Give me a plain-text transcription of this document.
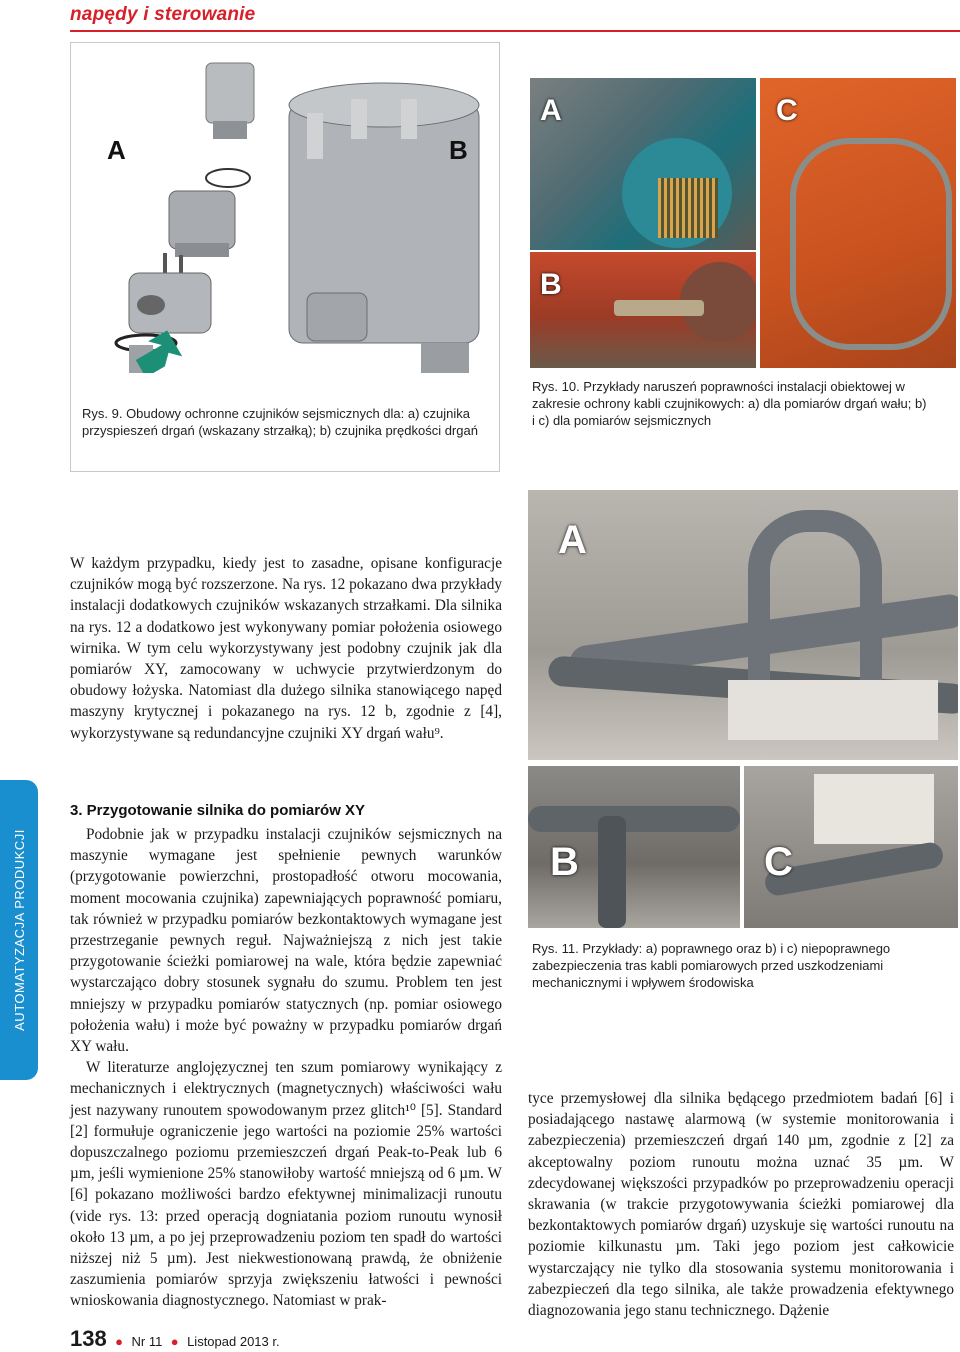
napędy i sterowanie
A	B
Rys. 9. Obudowy ochronne czujników sejsmicznych dla: a) czujnika przyspieszeń drgań (wskazany strzałką); b) czujnika prędkości drgań
A
B
C
Rys. 10. Przykłady naruszeń poprawności instalacji obiektowej w zakresie ochrony kabli czujnikowych: a) dla pomiarów drgań wału; b) i c) dla pomiarów sejsmicznych
A
B	C
Rys. 11. Przykłady: a) poprawnego oraz b) i c) niepoprawnego zabezpieczenia tras kabli pomiarowych przed uszkodzeniami mechanicznymi i wpływem środowiska

W każdym przypadku, kiedy jest to zasadne, opisane konfiguracje czujników mogą być rozszerzone. Na rys. 12 pokazano dwa przykłady instalacji dodatkowych czujników wskazanych strzałkami. Dla silnika na rys. 12 a dodatkowo jest wykonywany pomiar położenia osiowego wirnika. W tym celu wykorzystywany jest podobny czujnik jak dla pomiarów XY, zamocowany w uchwycie przytwierdzonym do obudowy łożyska. Natomiast dla dużego silnika stanowiącego napęd maszyny krytycznej i pokazanego na rys. 12 b, zgodnie z [4], wykorzystywane są redundancyjne czujniki XY drgań wału⁹.

3. Przygotowanie silnika do pomiarów XY

Podobnie jak w przypadku instalacji czujników sejsmicznych na maszynie wymagane jest spełnienie pewnych warunków (przygotowanie powierzchni, prostopadłość otworu mocowania, moment mocowania czujnika) zapewniających poprawność pomiaru, tak również w przypadku pomiarów bezkontaktowych wymagane jest przestrzeganie pewnych reguł. Najważniejszą z nich jest takie przygotowanie ścieżki pomiarowej na wale, która będzie zapewniać wystarczająco dobry stosunek sygnału do szumu. Problem ten jest mniejszy w przypadku pomiarów statycznych (np. pomiar osiowego położenia wału) i może być poważny w przypadku pomiarów drgań XY wału.

W literaturze anglojęzycznej ten szum pomiarowy wynikający z mechanicznych i elektrycznych (magnetycznych) właściwości wału jest nazywany runoutem spowodowanym przez glitch¹⁰ [5]. Standard [2] formułuje ograniczenie jego wartości na poziomie 25% wartości dopuszczalnego poziomu przemieszczeń drgań Peak-to-Peak lub 6 µm, jeśli wymienione 25% stanowiłoby wartość mniejszą od 6 µm. W [6] pokazano możliwości bardzo efektywnej minimalizacji runoutu (vide rys. 13: przed operacją dogniatania poziom runoutu wynosił około 13 µm, a po jej przeprowadzeniu poziom ten spadł do wartości niższej niż 5 µm). Jest niekwestionowaną prawdą, że obniżenie zaszumienia pomiarów sprzyja zwiększeniu łatwości i pewności wnioskowania diagnostycznego. Natomiast w prak-

tyce przemysłowej dla silnika będącego przedmiotem badań [6] i posiadającego nastawę alarmową (w systemie monitorowania i zabezpieczenia) przemieszczeń drgań 140 µm, zgodnie z [2] za akceptowalny poziom runoutu można uznać 35 µm. W zdecydowanej większości przypadków po przeprowadzeniu operacji skrawania (w trakcie przygotowywania ścieżki pomiarowej dla bezkontaktowych pomiarów drgań) uzyskuje się wartości runoutu na poziomie kilkunastu µm. Taki jego poziom jest całkowicie wystarczający nie tylko dla stosowania systemu monitorowania i zabezpieczeń dla tego silnika, ale także prowadzenia efektywnego diagnozowania jego stanu technicznego. Dążenie

AUTOMATYZACJA PRODUKCJI
138 ● Nr 11 ● Listopad 2013 r.
